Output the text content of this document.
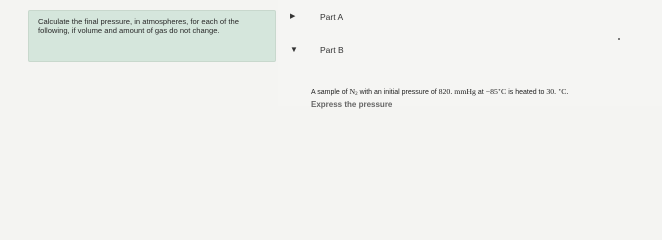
Calculate the final pressure, in atmospheres, for each of the following, if volume and amount of gas do not change.
▶	Part A
▼	Part B
A sample of $N_2$ with an initial pressure of 820. mmHg at −85∘C is heated to 30. ∘C.
Express the pressure
